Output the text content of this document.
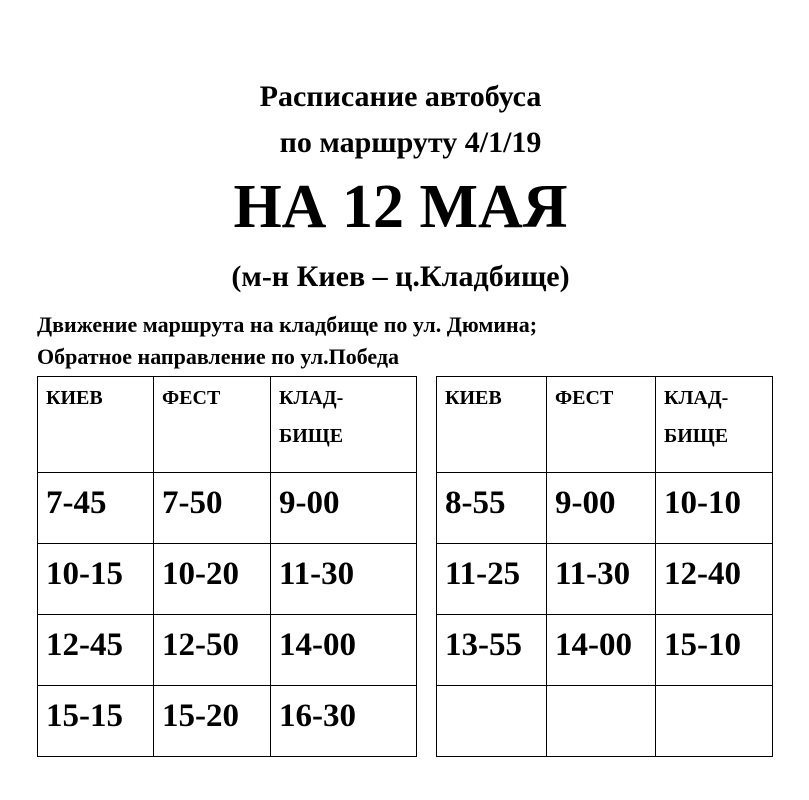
Расписание автобуса
по маршруту 4/1/19
НА 12 МАЯ
(м-н Киев – ц.Кладбище)
Движение маршрута на кладбище по ул. Дюмина;
Обратное направление по ул.Победа
КИЕВ	ФЕСТ	КЛАД-
БИЩЕ

7-45	7-50	9-00
10-15	10-20	11-30
12-45	12-50	14-00
15-15	15-20	16-30
КИЕВ	ФЕСТ	КЛАД-
БИЩЕ

8-55	9-00	10-10
11-25	11-30	12-40
13-55	14-00	15-10
